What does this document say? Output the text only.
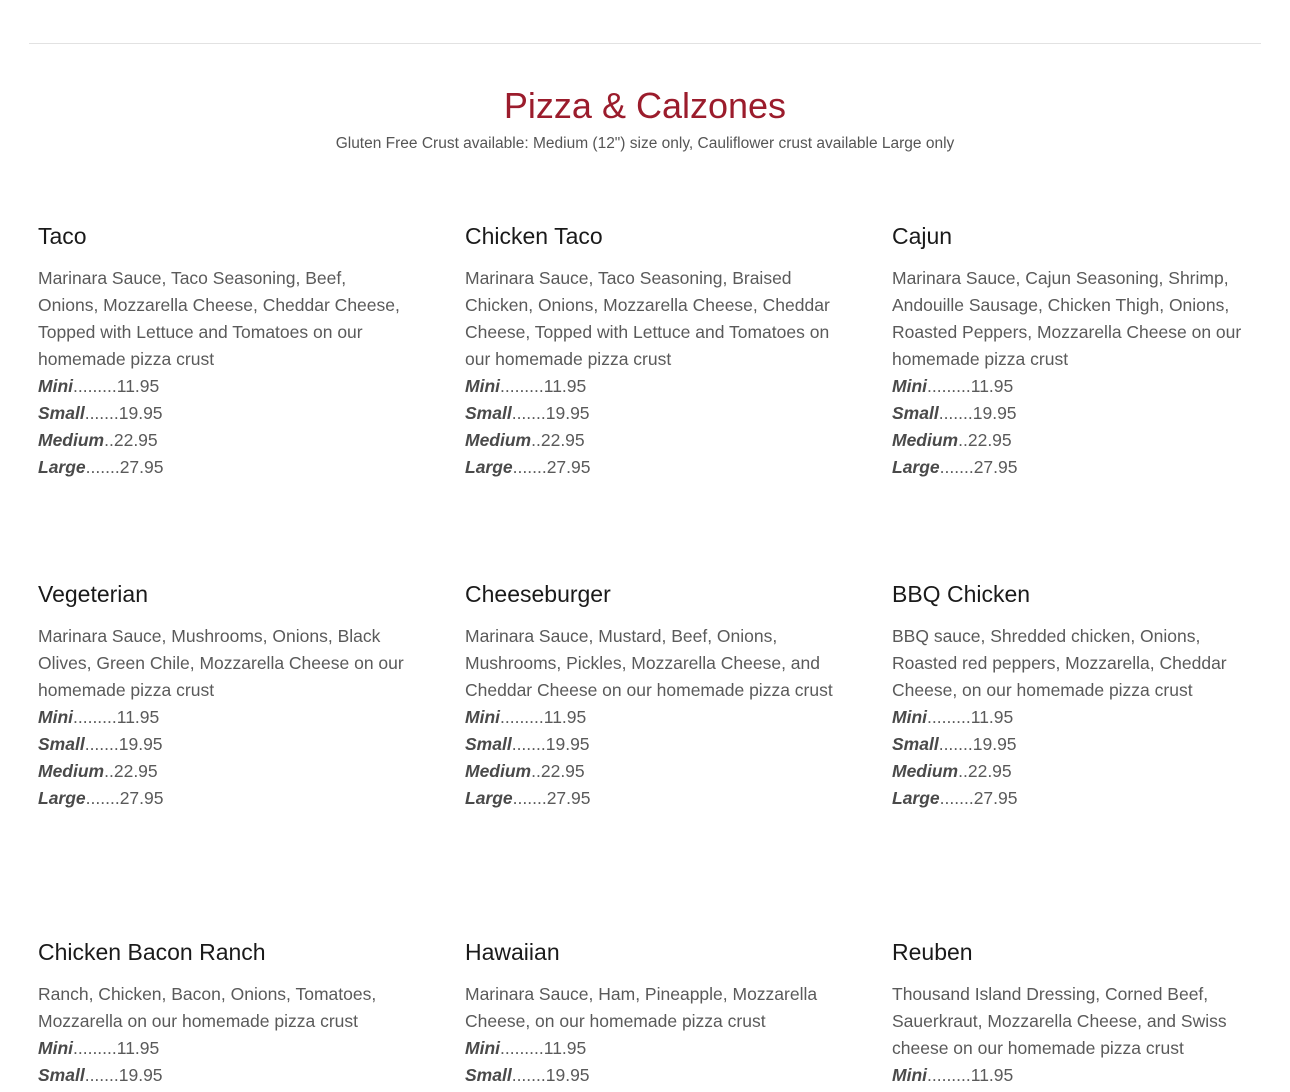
Pizza & Calzones

Gluten Free Crust available: Medium (12") size only, Cauliflower crust available Large only

Taco

Marinara Sauce, Taco Seasoning, Beef, Onions, Mozzarella Cheese, Cheddar Cheese, Topped with Lettuce and Tomatoes on our homemade pizza crust

Mini.........11.95
Small.......19.95
Medium..22.95
Large.......27.95
Chicken Taco

Marinara Sauce, Taco Seasoning, Braised Chicken, Onions, Mozzarella Cheese, Cheddar Cheese, Topped with Lettuce and Tomatoes on our homemade pizza crust

Mini.........11.95
Small.......19.95
Medium..22.95
Large.......27.95
Cajun

Marinara Sauce, Cajun Seasoning, Shrimp, Andouille Sausage, Chicken Thigh, Onions, Roasted Peppers, Mozzarella Cheese on our homemade pizza crust

Mini.........11.95
Small.......19.95
Medium..22.95
Large.......27.95
Vegeterian

Marinara Sauce, Mushrooms, Onions, Black Olives, Green Chile, Mozzarella Cheese on our homemade pizza crust

Mini.........11.95
Small.......19.95
Medium..22.95
Large.......27.95
Cheeseburger

Marinara Sauce, Mustard, Beef, Onions, Mushrooms, Pickles, Mozzarella Cheese, and Cheddar Cheese on our homemade pizza crust

Mini.........11.95
Small.......19.95
Medium..22.95
Large.......27.95
BBQ Chicken

BBQ sauce, Shredded chicken, Onions, Roasted red peppers, Mozzarella, Cheddar Cheese, on our homemade pizza crust

Mini.........11.95
Small.......19.95
Medium..22.95
Large.......27.95
Chicken Bacon Ranch

Ranch, Chicken, Bacon, Onions, Tomatoes, Mozzarella on our homemade pizza crust

Mini.........11.95
Small.......19.95
Hawaiian

Marinara Sauce, Ham, Pineapple, Mozzarella Cheese, on our homemade pizza crust

Mini.........11.95
Small.......19.95
Reuben

Thousand Island Dressing, Corned Beef, Sauerkraut, Mozzarella Cheese, and Swiss cheese on our homemade pizza crust

Mini.........11.95
